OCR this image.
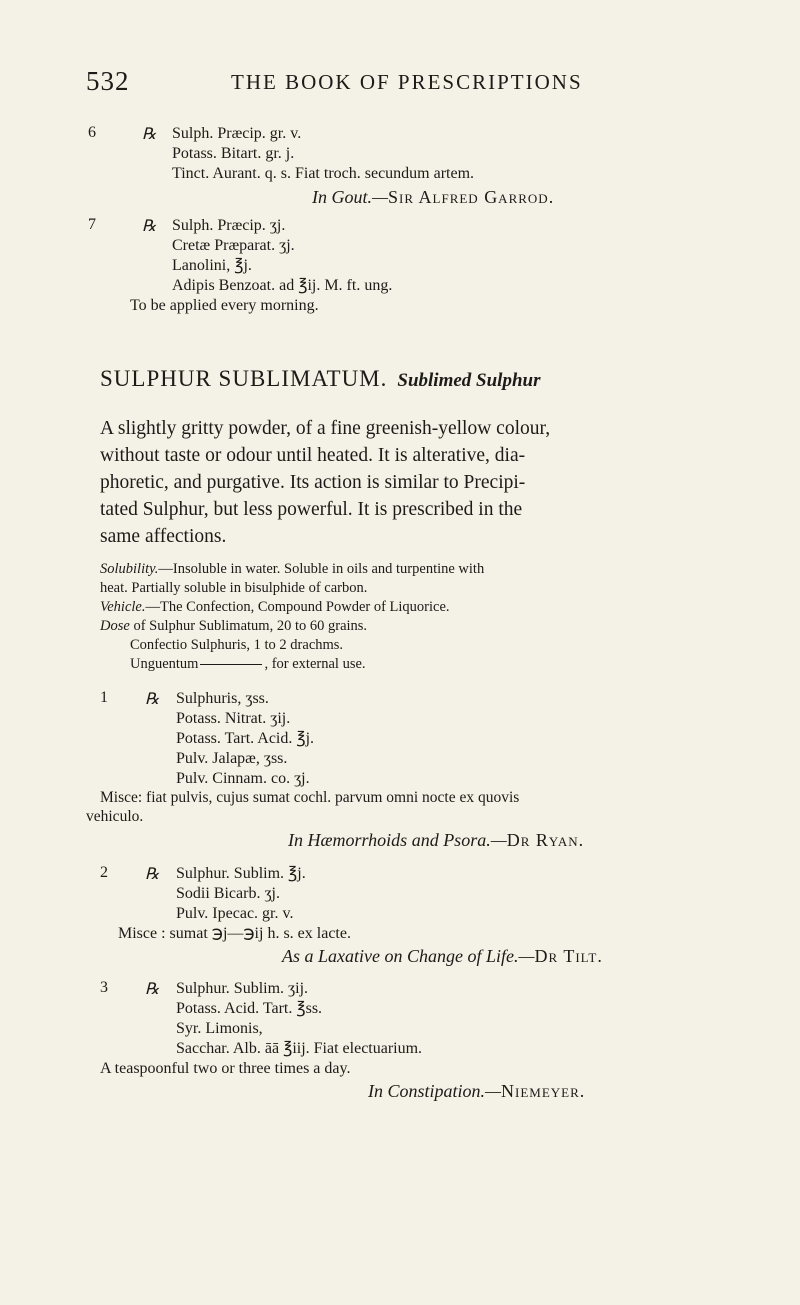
532	THE BOOK OF PRESCRIPTIONS
6	℞ Sulph. Præcip. gr. v.
Potass. Bitart. gr. j.
Tinct. Aurant. q. s. Fiat troch. secundum artem.
In Gout.—Sir Alfred Garrod.
7	℞ Sulph. Præcip. ʒj.
Cretæ Præparat. ʒj.
Lanolini, ℥j.
Adipis Benzoat. ad ℥ij. M. ft. ung.
To be applied every morning.
SULPHUR SUBLIMATUM. Sublimed Sulphur
A slightly gritty powder, of a fine greenish-yellow colour,
without taste or odour until heated. It is alterative, dia-
phoretic, and purgative. Its action is similar to Precipi-
tated Sulphur, but less powerful. It is prescribed in the
same affections.
Solubility.—Insoluble in water. Soluble in oils and turpentine with
heat. Partially soluble in bisulphide of carbon.
Vehicle.—The Confection, Compound Powder of Liquorice.
Dose of Sulphur Sublimatum, 20 to 60 grains.
Confectio Sulphuris, 1 to 2 drachms.
Unguentum	, for external use.
1 ℞ Sulphuris, ʒss.
Potass. Nitrat. ʒij.
Potass. Tart. Acid. ℥j.
Pulv. Jalapæ, ʒss.
Pulv. Cinnam. co. ʒj.
Misce: fiat pulvis, cujus sumat cochl. parvum omni nocte ex quovis
vehiculo.
In Hæmorrhoids and Psora.—Dr Ryan.
2 ℞ Sulphur. Sublim. ℥j.
Sodii Bicarb. ʒj.
Pulv. Ipecac. gr. v.
Misce : sumat ℈j—℈ij h. s. ex lacte.
As a Laxative on Change of Life.—Dr Tilt.
3 ℞ Sulphur. Sublim. ʒij.
Potass. Acid. Tart. ℥ss.
Syr. Limonis,
Sacchar. Alb. āā ℥iij. Fiat electuarium.
A teaspoonful two or three times a day.
In Constipation.—Niemeyer.
